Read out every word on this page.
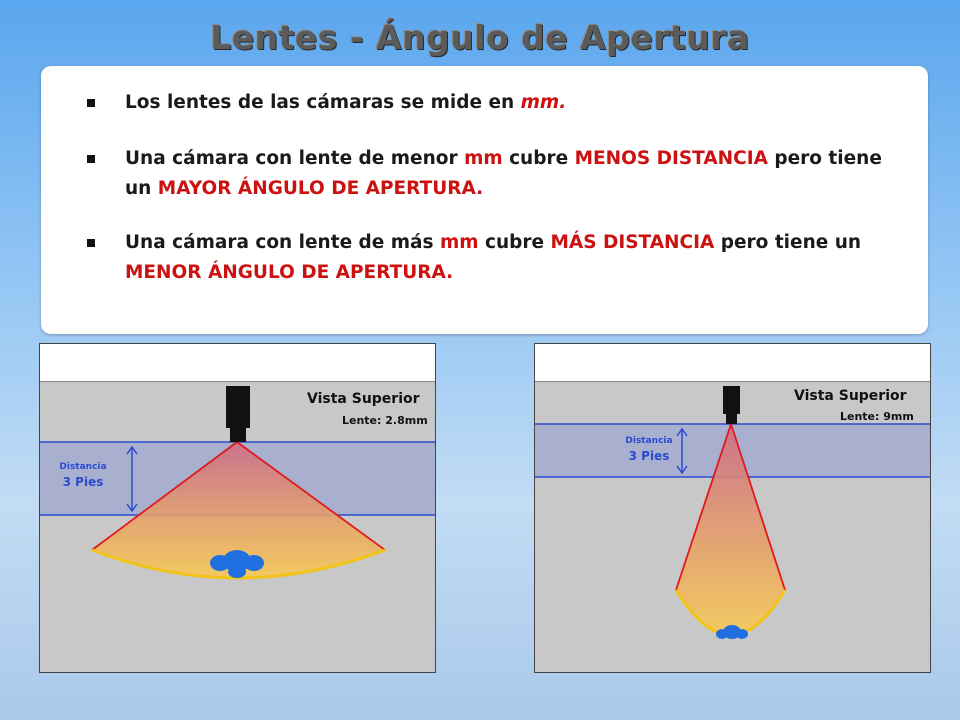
Lentes - Ángulo de Apertura
Los lentes de las cámaras se mide en mm.
Una cámara con lente de menor mm cubre MENOS DISTANCIA pero tiene un MAYOR ÁNGULO DE APERTURA.
Una cámara con lente de más mm cubre MÁS DISTANCIA pero tiene un MENOR ÁNGULO DE APERTURA.
Vista Superior
Lente: 2.8mm
Distancia
3 Pies
Vista Superior
Lente: 9mm
Distancia
3 Pies
